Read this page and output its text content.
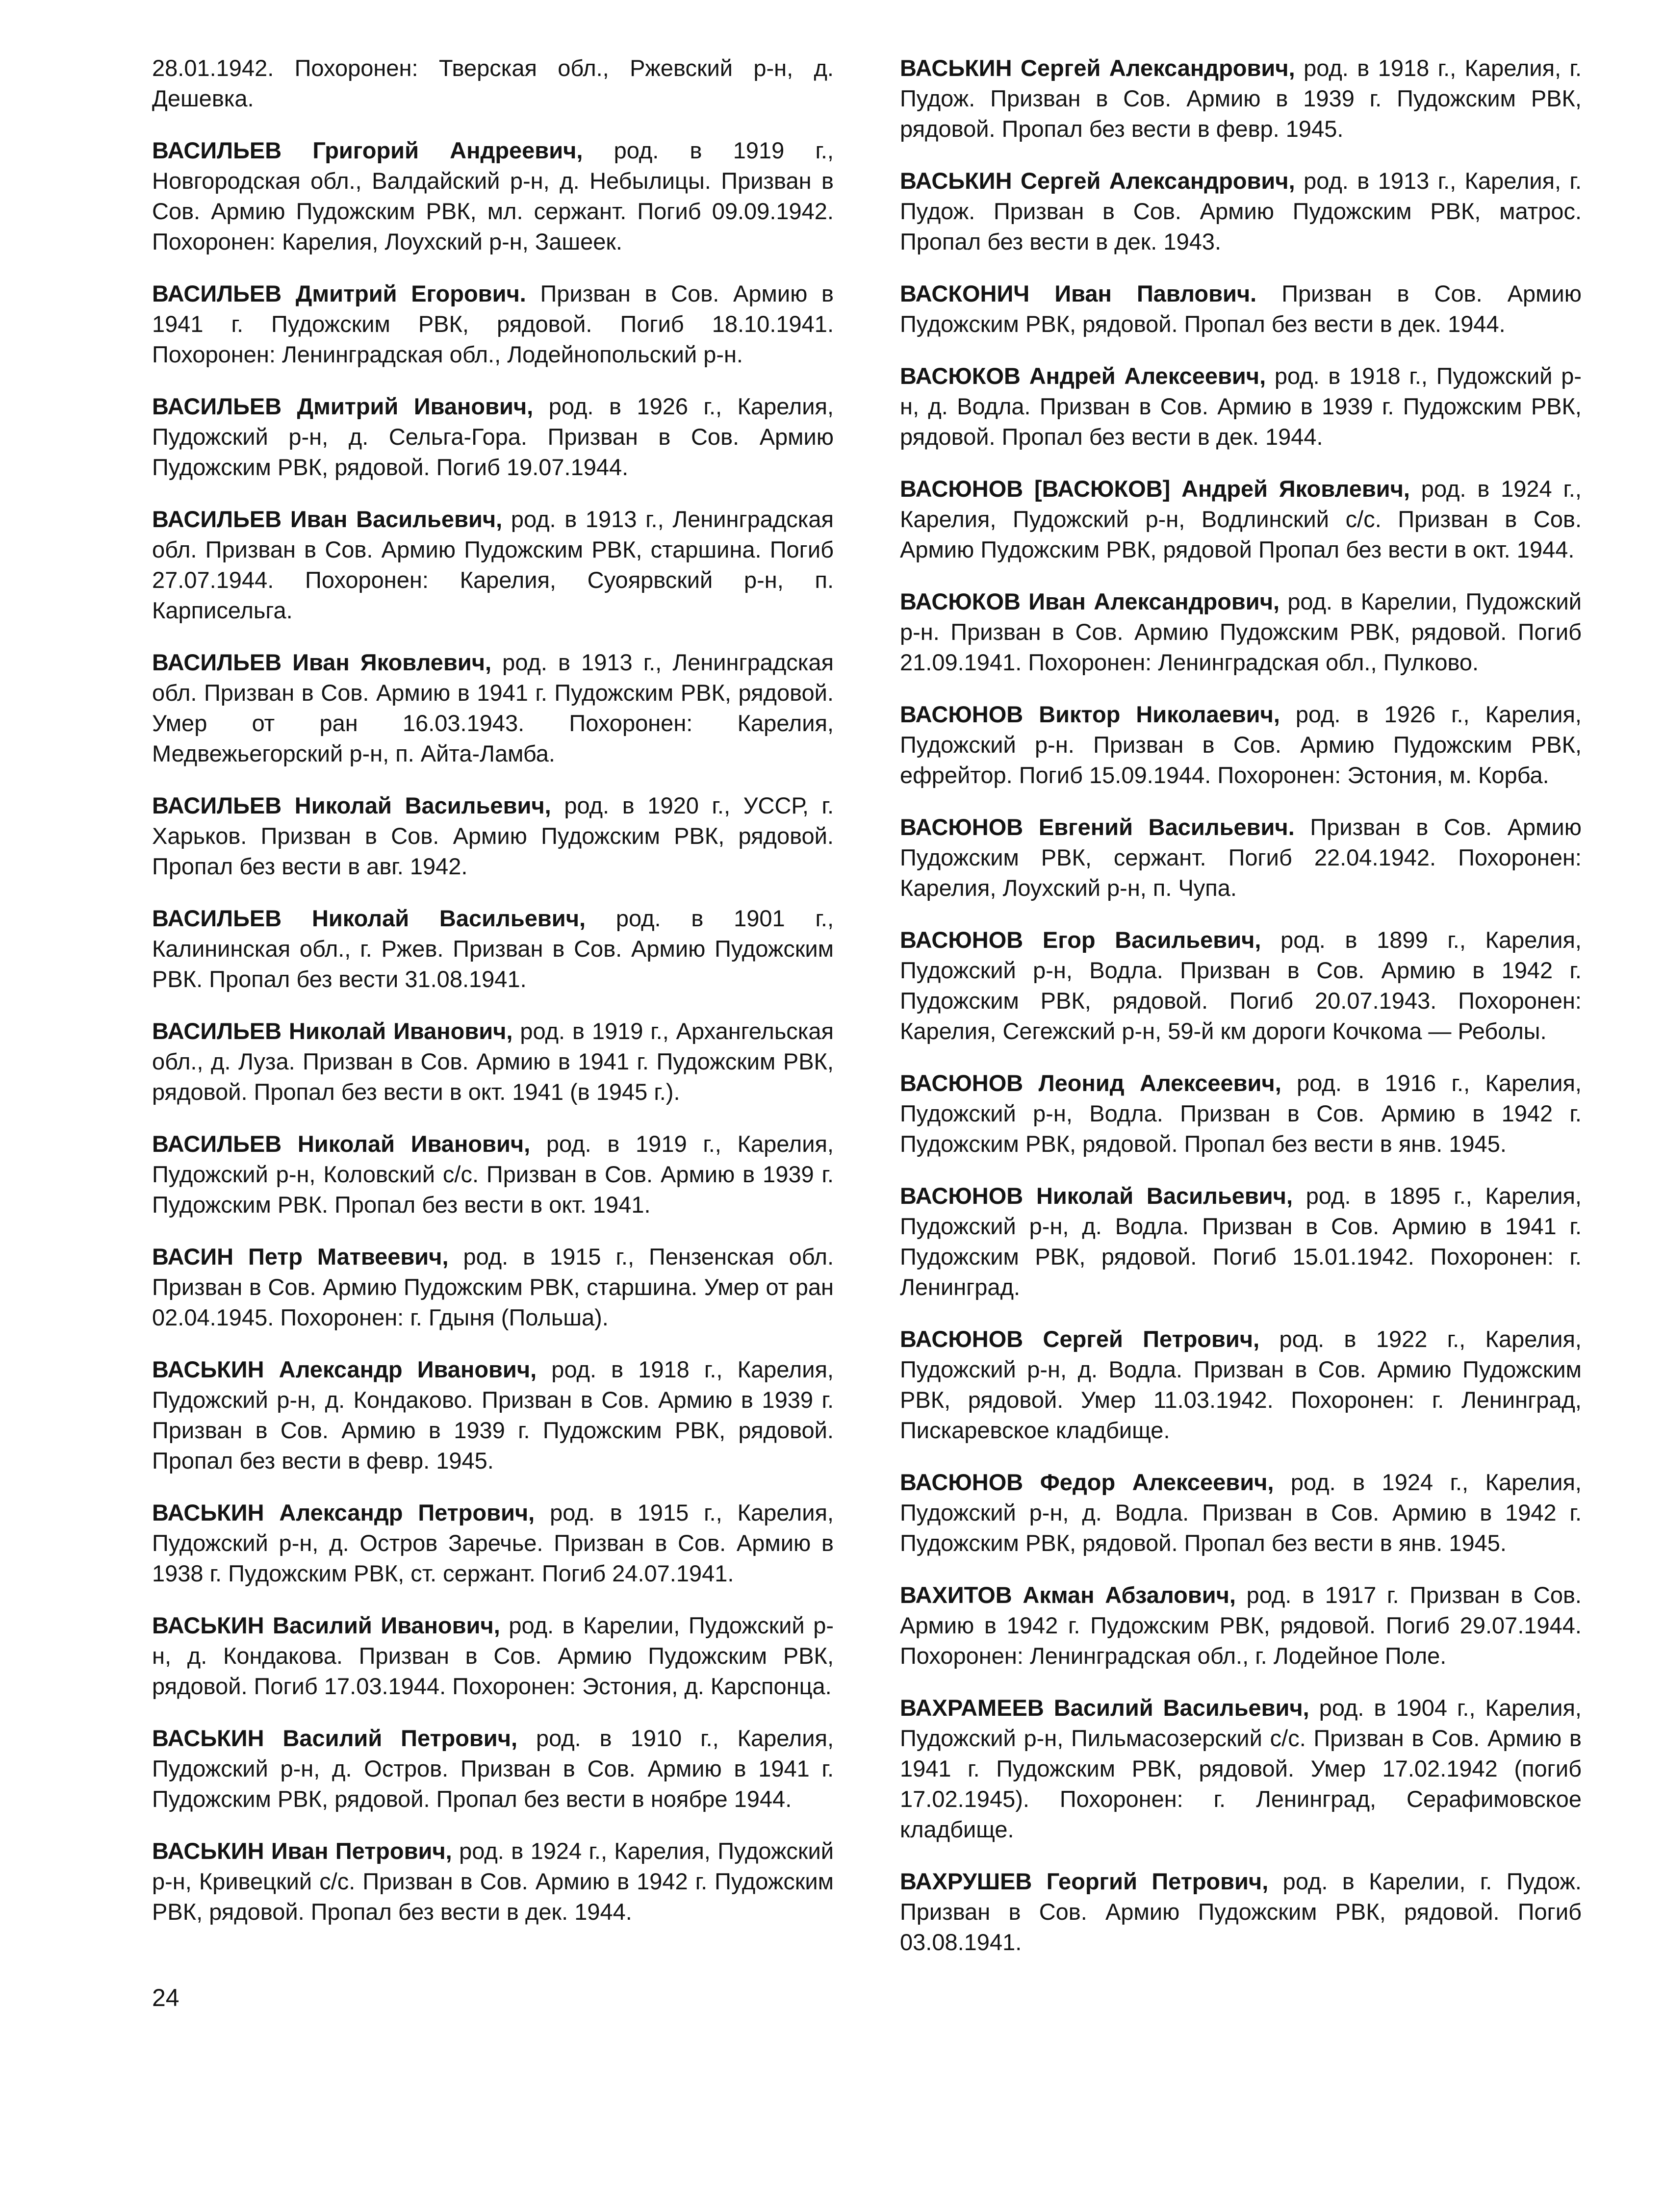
28.01.1942. Похоронен: Тверская обл., Ржевский р-н, д. Дешевка.

ВАСИЛЬЕВ Григорий Андреевич, род. в 1919 г., Новгородская обл., Валдайский р-н, д. Небылицы. Призван в Сов. Армию Пудожским РВК, мл. сержант. Погиб 09.09.1942. Похоронен: Карелия, Лоухский р-н, Зашеек.

ВАСИЛЬЕВ Дмитрий Егорович. Призван в Сов. Армию в 1941 г. Пудожским РВК, рядовой. Погиб 18.10.1941. Похоронен: Ленинградская обл., Лодейнопольский р-н.

ВАСИЛЬЕВ Дмитрий Иванович, род. в 1926 г., Карелия, Пудожский р-н, д. Сельга-Гора. Призван в Сов. Армию Пудожским РВК, рядовой. Погиб 19.07.1944.

ВАСИЛЬЕВ Иван Васильевич, род. в 1913 г., Ленинградская обл. Призван в Сов. Армию Пудожским РВК, старшина. Погиб 27.07.1944. Похоронен: Карелия, Суоярвский р-н, п. Карписельга.

ВАСИЛЬЕВ Иван Яковлевич, род. в 1913 г., Ленинградская обл. Призван в Сов. Армию в 1941 г. Пудожским РВК, рядовой. Умер от ран 16.03.1943. Похоронен: Карелия, Медвежьегорский р-н, п. Айта-Ламба.

ВАСИЛЬЕВ Николай Васильевич, род. в 1920 г., УССР, г. Харьков. Призван в Сов. Армию Пудожским РВК, рядовой. Пропал без вести в авг. 1942.

ВАСИЛЬЕВ Николай Васильевич, род. в 1901 г., Калининская обл., г. Ржев. Призван в Сов. Армию Пудожским РВК. Пропал без вести 31.08.1941.

ВАСИЛЬЕВ Николай Иванович, род. в 1919 г., Архангельская обл., д. Луза. Призван в Сов. Армию в 1941 г. Пудожским РВК, рядовой. Пропал без вести в окт. 1941 (в 1945 г.).

ВАСИЛЬЕВ Николай Иванович, род. в 1919 г., Карелия, Пудожский р-н, Коловский с/с. Призван в Сов. Армию в 1939 г. Пудожским РВК. Пропал без вести в окт. 1941.

ВАСИН Петр Матвеевич, род. в 1915 г., Пензенская обл. Призван в Сов. Армию Пудожским РВК, старшина. Умер от ран 02.04.1945. Похоронен: г. Гдыня (Польша).

ВАСЬКИН Александр Иванович, род. в 1918 г., Карелия, Пудожский р-н, д. Кондаково. Призван в Сов. Армию в 1939 г. Призван в Сов. Армию в 1939 г. Пудожским РВК, рядовой. Пропал без вести в февр. 1945.

ВАСЬКИН Александр Петрович, род. в 1915 г., Карелия, Пудожский р-н, д. Остров Заречье. Призван в Сов. Армию в 1938 г. Пудожским РВК, ст. сержант. Погиб 24.07.1941.

ВАСЬКИН Василий Иванович, род. в Карелии, Пудожский р-н, д. Кондакова. Призван в Сов. Армию Пудожским РВК, рядовой. Погиб 17.03.1944. Похоронен: Эстония, д. Карспонца.

ВАСЬКИН Василий Петрович, род. в 1910 г., Карелия, Пудожский р-н, д. Остров. Призван в Сов. Армию в 1941 г. Пудожским РВК, рядовой. Пропал без вести в ноябре 1944.

ВАСЬКИН Иван Петрович, род. в 1924 г., Карелия, Пудожский р-н, Кривецкий с/с. Призван в Сов. Армию в 1942 г. Пудожским РВК, рядовой. Пропал без вести в дек. 1944.

ВАСЬКИН Сергей Александрович, род. в 1918 г., Карелия, г. Пудож. Призван в Сов. Армию в 1939 г. Пудожским РВК, рядовой. Пропал без вести в февр. 1945.

ВАСЬКИН Сергей Александрович, род. в 1913 г., Карелия, г. Пудож. Призван в Сов. Армию Пудожским РВК, матрос. Пропал без вести в дек. 1943.

ВАСКОНИЧ Иван Павлович. Призван в Сов. Армию Пудожским РВК, рядовой. Пропал без вести в дек. 1944.

ВАСЮКОВ Андрей Алексеевич, род. в 1918 г., Пудожский р-н, д. Водла. Призван в Сов. Армию в 1939 г. Пудожским РВК, рядовой. Пропал без вести в дек. 1944.

ВАСЮНОВ [ВАСЮКОВ] Андрей Яковлевич, род. в 1924 г., Карелия, Пудожский р-н, Водлинский с/с. Призван в Сов. Армию Пудожским РВК, рядовой Пропал без вести в окт. 1944.

ВАСЮКОВ Иван Александрович, род. в Карелии, Пудожский р-н. Призван в Сов. Армию Пудожским РВК, рядовой. Погиб 21.09.1941. Похоронен: Ленинградская обл., Пулково.

ВАСЮНОВ Виктор Николаевич, род. в 1926 г., Карелия, Пудожский р-н. Призван в Сов. Армию Пудожским РВК, ефрейтор. Погиб 15.09.1944. Похоронен: Эстония, м. Корба.

ВАСЮНОВ Евгений Васильевич. Призван в Сов. Армию Пудожским РВК, сержант. Погиб 22.04.1942. Похоронен: Карелия, Лоухский р-н, п. Чупа.

ВАСЮНОВ Егор Васильевич, род. в 1899 г., Карелия, Пудожский р-н, Водла. Призван в Сов. Армию в 1942 г. Пудожским РВК, рядовой. Погиб 20.07.1943. Похоронен: Карелия, Сегежский р-н, 59-й км дороги Кочкома — Реболы.

ВАСЮНОВ Леонид Алексеевич, род. в 1916 г., Карелия, Пудожский р-н, Водла. Призван в Сов. Армию в 1942 г. Пудожским РВК, рядовой. Пропал без вести в янв. 1945.

ВАСЮНОВ Николай Васильевич, род. в 1895 г., Карелия, Пудожский р-н, д. Водла. Призван в Сов. Армию в 1941 г. Пудожским РВК, рядовой. Погиб 15.01.1942. Похоронен: г. Ленинград.

ВАСЮНОВ Сергей Петрович, род. в 1922 г., Карелия, Пудожский р-н, д. Водла. Призван в Сов. Армию Пудожским РВК, рядовой. Умер 11.03.1942. Похоронен: г. Ленинград, Пискаревское кладбище.

ВАСЮНОВ Федор Алексеевич, род. в 1924 г., Карелия, Пудожский р-н, д. Водла. Призван в Сов. Армию в 1942 г. Пудожским РВК, рядовой. Пропал без вести в янв. 1945.

ВАХИТОВ Акман Абзалович, род. в 1917 г. Призван в Сов. Армию в 1942 г. Пудожским РВК, рядовой. Погиб 29.07.1944. Похоронен: Ленинградская обл., г. Лодейное Поле.

ВАХРАМЕЕВ Василий Васильевич, род. в 1904 г., Карелия, Пудожский р-н, Пильмасозерский с/с. Призван в Сов. Армию в 1941 г. Пудожским РВК, рядовой. Умер 17.02.1942 (погиб 17.02.1945). Похоронен: г. Ленинград, Серафимовское кладбище.

ВАХРУШЕВ Георгий Петрович, род. в Карелии, г. Пудож. Призван в Сов. Армию Пудожским РВК, рядовой. Погиб 03.08.1941.

24
